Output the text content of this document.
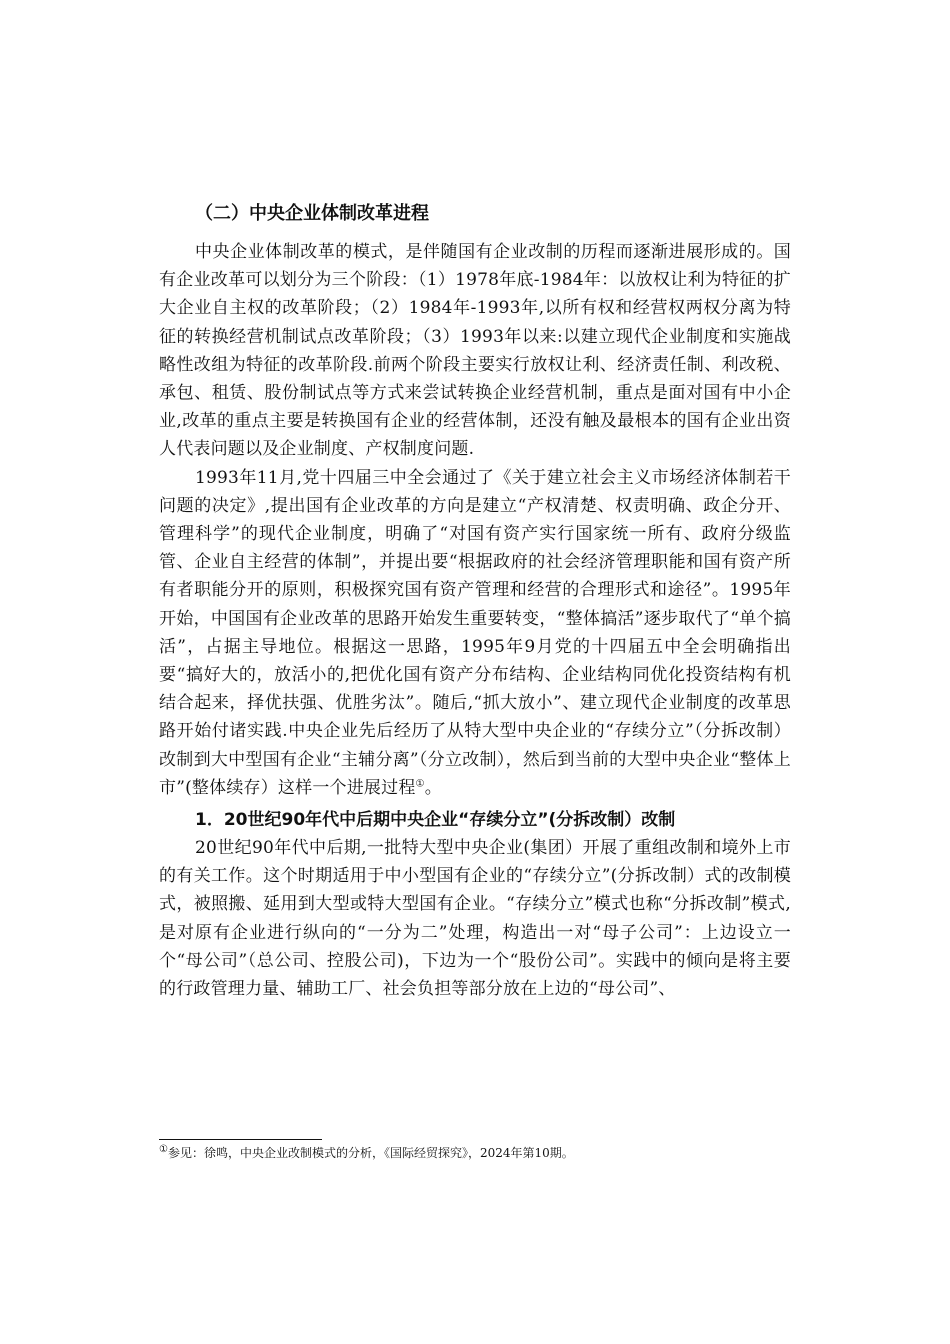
（二）中央企业体制改革进程

中央企业体制改革的模式，是伴随国有企业改制的历程而逐渐进展形成的。国有企业改革可以划分为三个阶段：（1）1978年底-1984年：以放权让利为特征的扩大企业自主权的改革阶段；（2）1984年-1993年,以所有权和经营权两权分离为特征的转换经营机制试点改革阶段；（3）1993年以来:以建立现代企业制度和实施战略性改组为特征的改革阶段.前两个阶段主要实行放权让利、经济责任制、利改税、承包、租赁、股份制试点等方式来尝试转换企业经营机制，重点是面对国有中小企业,改革的重点主要是转换国有企业的经营体制，还没有触及最根本的国有企业出资人代表问题以及企业制度、产权制度问题.

1993年11月,党十四届三中全会通过了《关于建立社会主义市场经济体制若干问题的决定》,提出国有企业改革的方向是建立“产权清楚、权责明确、政企分开、管理科学”的现代企业制度，明确了“对国有资产实行国家统一所有、政府分级监管、企业自主经营的体制”，并提出要“根据政府的社会经济管理职能和国有资产所有者职能分开的原则，积极探究国有资产管理和经营的合理形式和途径”。1995年开始，中国国有企业改革的思路开始发生重要转变，“整体搞活”逐步取代了“单个搞活”，占据主导地位。根据这一思路，1995年9月党的十四届五中全会明确指出要“搞好大的，放活小的,把优化国有资产分布结构、企业结构同优化投资结构有机结合起来，择优扶强、优胜劣汰”。随后,“抓大放小”、建立现代企业制度的改革思路开始付诸实践.中央企业先后经历了从特大型中央企业的“存续分立”（分拆改制）改制到大中型国有企业“主辅分离”（分立改制），然后到当前的大型中央企业“整体上市”(整体续存）这样一个进展过程①。

1．20世纪90年代中后期中央企业“存续分立”(分拆改制）改制

20世纪90年代中后期,一批特大型中央企业(集团）开展了重组改制和境外上市的有关工作。这个时期适用于中小型国有企业的“存续分立”(分拆改制）式的改制模式，被照搬、延用到大型或特大型国有企业。“存续分立”模式也称“分拆改制”模式,是对原有企业进行纵向的“一分为二”处理，构造出一对“母子公司”：上边设立一个“母公司”（总公司、控股公司)，下边为一个“股份公司”。实践中的倾向是将主要的行政管理力量、辅助工厂、社会负担等部分放在上边的“母公司”、

①参见：徐鸣，中央企业改制模式的分析，《国际经贸探究》，2024年第10期。
